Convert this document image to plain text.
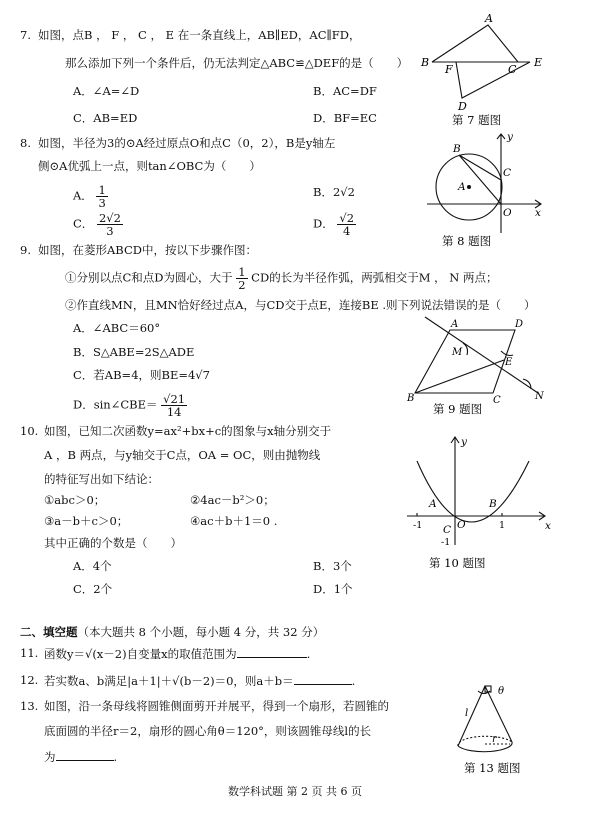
7. 如图，点B ， F ， C ， E 在一条直线上，AB∥ED，AC∥FD，
那么添加下列一个条件后，仍无法判定△ABC≌△DEF的是（　　）
A．∠A=∠D	B．AC=DF
C．AB=ED	D．BF=EC
A
B
F	C
E
D
第 7 题图
8. 如图，半径为3的⊙A经过原点O和点C（0，2），B是y轴左
侧⊙A优弧上一点，则tan∠OBC为（　　）
A． $\frac{1}{3}$	B．2√2
C． $\frac{2√2}{3}$	D． $\frac{√2}{4}$
y
B
C
A
O x
第 8 题图
9. 如图，在菱形ABCD中，按以下步骤作图：
①分别以点C和点D为圆心，大于 $\frac{1}{2}$ CD的长为半径作弧，两弧相交于M ， N 两点；
②作直线MN，且MN恰好经过点A，与CD交于点E，连接BE .则下列说法错误的是（　　）
A．∠ABC＝60°
B．S△ABE=2S△ADE
C．若AB=4，则BE=4√7
D．sin∠CBE＝ $\frac{√21}{14}$
A	D
M
E
B	C	N
第 9 题图
10. 如图，已知二次函数y=ax²+bx+c的图象与x轴分别交于
A ，B 两点，与y轴交于C点，OA = OC，则由抛物线
的特征写出如下结论：
①abc＞0；	②4ac－b²＞0；
③a－b＋c＞0；	④ac＋b＋1＝0 .
其中正确的个数是（　　）
A．4个	B．3个
C．2个	D．1个
y
x
A	B
O
C
-1	1
-1
第 10 题图
二、填空题（本大题共 8 个小题，每小题 4 分，共 32 分）
11. 函数y＝√(x－2)自变量x的取值范围为	.
12. 若实数a、b满足|a＋1|＋√(b－2)＝0，则a＋b＝	.
13. 如图，沿一条母线将圆锥侧面剪开并展平，得到一个扇形，若圆锥的
底面圆的半径r＝2，扇形的圆心角θ＝120°，则该圆锥母线l的长
为	.
θ
l
r
第 13 题图
数学科试题 第 2 页 共 6 页
